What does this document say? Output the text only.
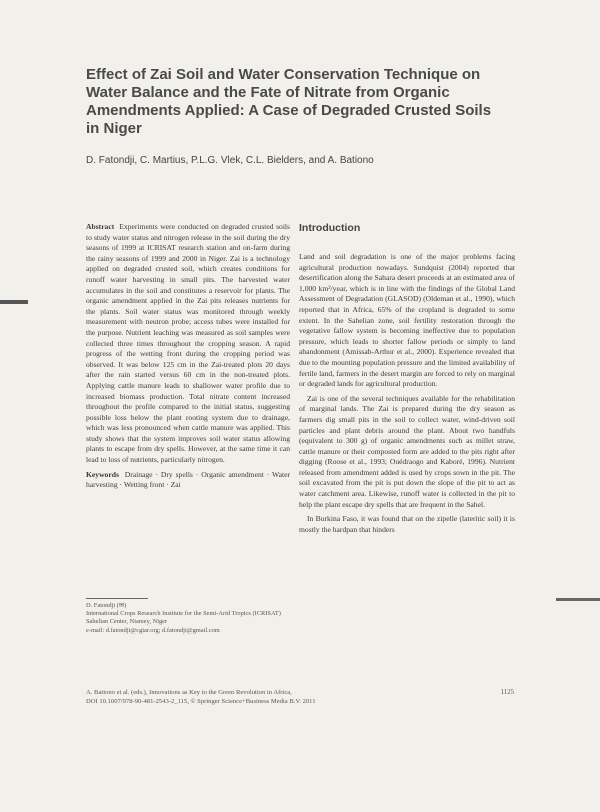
Effect of Zai Soil and Water Conservation Technique on Water Balance and the Fate of Nitrate from Organic Amendments Applied: A Case of Degraded Crusted Soils in Niger
D. Fatondji, C. Martius, P.L.G. Vlek, C.L. Bielders, and A. Bationo
Abstract Experiments were conducted on degraded crusted soils to study water status and nitrogen release in the soil during the dry seasons of 1999 at ICRISAT research station and on-farm during the rainy seasons of 1999 and 2000 in Niger. Zai is a technology applied on degraded crusted soil, which creates conditions for runoff water harvesting in small pits. The harvested water accumulates in the soil and constitutes a reservoir for plants. The organic amendment applied in the Zai pits releases nutrients for the plants. Soil water status was monitored through weekly measurement with neutron probe; access tubes were installed for the purpose. Nutrient leaching was measured as soil samples were collected three times throughout the cropping season. A rapid progress of the wetting front during the cropping period was observed. It was below 125 cm in the Zai-treated plots 20 days after the rain started versus 60 cm in the non-treated plots. Applying cattle manure leads to shallower water profile due to increased biomass production. Total nitrate content increased throughout the profile compared to the initial status, suggesting possible loss below the plant rooting system due to drainage, which was less pronounced when cattle manure was applied. This study shows that the system improves soil water status allowing plants to escape from dry spells. However, at the same time it can lead to loss of nutrients, particularly nitrogen.
Keywords Drainage · Dry spells · Organic amendment · Water harvesting · Wetting front · Zai
D. Fatondji (✉)
International Crops Research Institute for the Semi-Arid Tropics (ICRISAT) Sahelian Center, Niamey, Niger
e-mail: d.fatondji@cgiar.org; d.fatondji@gmail.com
Introduction

Land and soil degradation is one of the major problems facing agricultural production nowadays. Sundquist (2004) reported that desertification along the Sahara desert proceeds at an estimated area of 1,000 km²/year, which is in line with the findings of the Global Land Assessment of Degradation (GLASOD) (Oldeman et al., 1990), which reported that in Africa, 65% of the cropland is degraded to some extent. In the Sahelian zone, soil fertility restoration through the vegetative fallow system is becoming ineffective due to population pressure, which leads to shorter fallow periods or simply to land abandonment (Amissah-Arthur et al., 2000). Experience revealed that due to the mounting population pressure and the limited availability of fertile land, farmers in the desert margin are forced to rely on marginal or degraded lands for agricultural production.

Zai is one of the several techniques available for the rehabilitation of marginal lands. The Zai is prepared during the dry season as farmers dig small pits in the soil to collect water, wind-driven soil particles and plant debris around the plant. About two handfuls (equivalent to 300 g) of organic amendments such as millet straw, cattle manure or their composted form are added to the pits right after digging (Roose et al., 1993; Ouédraogo and Kaboré, 1996). Nutrient released from amendment added is used by crops sown in the pit. The soil excavated from the pit is put down the slope of the pit to act as water catchment area. Likewise, runoff water is collected in the pit to help the plant escape dry spells that are frequent in the Sahel.

In Burkina Faso, it was found that on the zipelle (lateritic soil) it is mostly the hardpan that hinders

A. Bationo et al. (eds.), Innovations as Key to the Green Revolution in Africa,
DOI 10.1007/978-90-481-2543-2_115, © Springer Science+Business Media B.V. 2011
1125
